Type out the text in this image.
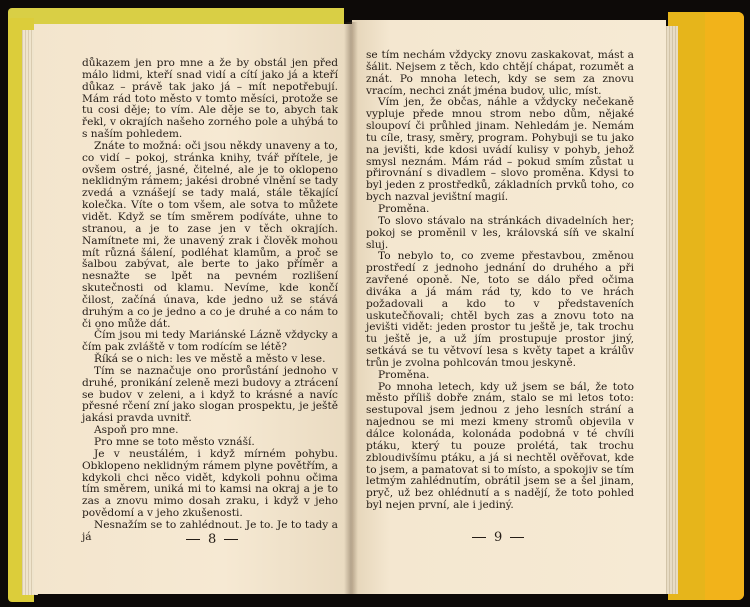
důkazem jen pro mne a že by obstál jen před málo lidmi, kteří snad vidí a cítí jako já a kteří důkaz – právě tak jako já – mít nepotřebují. Mám rád toto město v tomto měsíci, protože se tu cosi děje; to vím. Ale děje se to, abych tak řekl, v okrajích našeho zorného pole a uhýbá to s naším pohledem.

Znáte to možná: oči jsou někdy unaveny a to, co vidí – pokoj, stránka knihy, tvář přítele, je ovšem ostré, jasné, čitelné, ale je to oklopeno neklidným rámem; jakési drobné vlnění se tady zvedá a vznášejí se tady malá, stále těkající kolečka. Víte o tom všem, ale sotva to můžete vidět. Když se tím směrem podíváte, uhne to stranou, a je to zase jen v těch okrajích. Namítnete mi, že unavený zrak i člověk mohou mít různá šálení, podléhat klamům, a proč se šalbou zabývat, ale berte to jako příměr a nesnažte se lpět na pevném rozlišení skutečnosti od klamu. Nevíme, kde končí čilost, začíná únava, kde jedno už se stává druhým a co je jedno a co je druhé a co nám to či ono může dát.

Čím jsou mi tedy Mariánské Lázně vždycky a čím pak zvláště v tom rodícím se létě?

Říká se o nich: les ve městě a město v lese.

Tím se naznačuje ono prorůstání jednoho v druhé, pronikání zeleně mezi budovy a ztrácení se budov v zeleni, a i když to krásné a navíc přesné rčení zní jako slogan prospektu, je ještě jakási pravda uvnitř.

Aspoň pro mne.

Pro mne se toto město vznáší.

Je v neustálém, i když mírném pohybu. Obklopeno neklidným rámem plyne povětřím, a kdykoli chci něco vidět, kdykoli pohnu očima tím směrem, uniká mi to kamsi na okraj a je to zas a znovu mimo dosah zraku, i když v jeho povědomí a v jeho zkušenosti.

Nesnažím se to zahlédnout. Je to. Je to tady a já	8

se tím nechám vždycky znovu zaskakovat, mást a šálit. Nejsem z těch, kdo chtějí chápat, rozumět a znát. Po mnoha letech, kdy se sem za znovu vracím, nechci znát jména budov, ulic, míst.

Vím jen, že občas, náhle a vždycky nečekaně vypluje přede mnou strom nebo dům, nějaké sloupoví či průhled jinam. Nehledám je. Nemám tu cíle, trasy, směry, program. Pohybuji se tu jako na jevišti, kde kdosi uvádí kulisy v pohyb, jehož smysl neznám. Mám rád – pokud smím zůstat u přirovnání s divadlem – slovo proměna. Kdysi to byl jeden z prostředků, základních prvků toho, co bych nazval jevištní magií.

Proměna.

To slovo stávalo na stránkách divadelních her; pokoj se proměnil v les, královská síň ve skalní sluj.

To nebylo to, co zveme přestavbou, změnou prostředí z jednoho jednání do druhého a při zavřené oponě. Ne, toto se dálo před očima diváka a já mám rád ty, kdo to ve hrách požadovali a kdo to v představeních uskutečňovali; chtěl bych zas a znovu toto na jevišti vidět: jeden prostor tu ještě je, tak trochu tu ještě je, a už jím prostupuje prostor jiný, setkává se tu větvoví lesa s květy tapet a králův trůn je zvolna pohlcován tmou jeskyně.

Proměna.

Po mnoha letech, kdy už jsem se bál, že toto město příliš dobře znám, stalo se mi letos toto: sestupoval jsem jednou z jeho lesních strání a najednou se mi mezi kmeny stromů objevila v dálce kolonáda, kolonáda podobná v té chvíli ptáku, který tu pouze prolétá, tak trochu zbloudivšímu ptáku, a já si nechtěl ověřovat, kde to jsem, a pamatovat si to místo, a spokojiv se tím letmým zahlédnutím, obrátil jsem se a šel jinam, pryč, už bez ohlédnutí a s nadějí, že toto pohled byl nejen první, ale i jediný.

9
